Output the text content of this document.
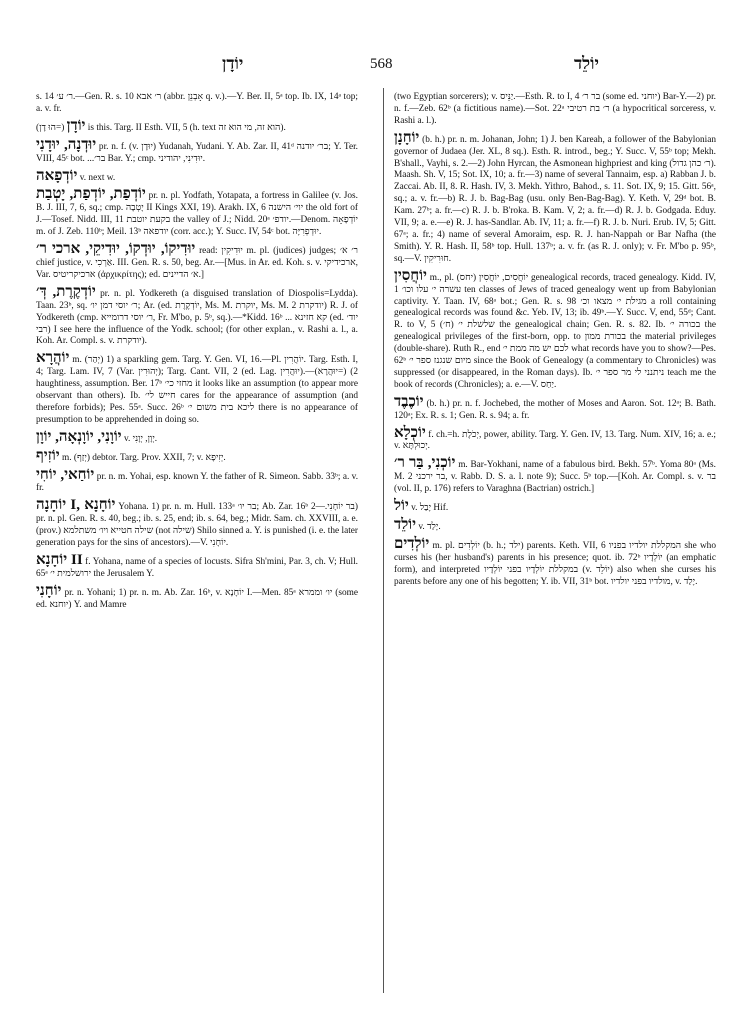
יוֹדָן	568	יוֹלֵד

s. 14 ר׳ ע׳.—Gen. R. s. 10 ר׳ אבא (abbr. אָבְנֵן q. v.).—Y. Ber. II, 5ᵃ top. Ib. IX, 14ᵃ top; a. v. fr.

יוֹדָן (=הוּ דָן) is this. Targ. II Esth. VII, 5 (h. text הוא זה, מי הוא זה).

יוּדְנָה, יוּדָנִי pr. n. f. (v. יוּדָן) Yudanah, Yudani. Y. Ab. Zar. II, 41ᵈ בר׳ יודנה; Y. Ter. VIII, 45ᶜ bot. ...בר׳ Bar. Y.; cmp. יוּדִינִי, יהודיני.

יוֹדְפָאה v. next w.

יוֹדְפַת, יוֹדְפַת, יָטְבַת pr. n. pl. Yodfath, Yotapata, a fortress in Galilee (v. Jos. B. J. III, 7, 6, sq.; cmp. יָטְבָה II Kings XXI, 19). Arakh. IX, 6 יוי׳ הישנה the old fort of J.—Tosef. Nidd. III, 11 בקעת יוטבת the valley of J.; Nidd. 20ᵃ יודפ׳.—Denom. יוֹדְפָאָה m. of J. Zeb. 110ᵇ; Meil. 13ᵇ יודפאה (corr. acc.); Y. Succ. IV, 54ᶜ bot. יוּדְפְרִיָּה.

יוּדִיקוֹ, יוּדְקוֹ, יוּדִיקֵי, ארכי ר׳ read: יוּדִיקִין m. pl. (judices) judges; ר׳ א׳ chief justice, v. אַרְכִי. III. Gen. R. s. 50, beg. Ar.—[Mus. in Ar. ed. Koh. s. v. ארכידיקי, Var. ארכיקריטיס (ἀρχικρίτης); ed. א׳ הדיינים.]

יוֹדְקֶרֶת, דְּ׳ pr. n. pl. Yodkereth (a disguised translation of Diospolis=Lydda). Taan. 23ᵇ, sq. ר׳ יוסי דמן יו׳; Ar. (ed. יוֹדְקֶרֶת, Ms. M. יוקרת, Ms. M. 2 יודקרת) R. J. of Yodkereth (cmp. ר׳ יוסי דרומייא, Fr. M'bo, p. 5ᵇ, sq.).—*Kidd. 16ᵇ ... קא חזינא (ed. יוד׳ רבי) I see here the influence of the Yodk. school; (for other explan., v. Rashi a. l., a. Koh. Ar. Compl. s. v. יודקרת).

יוֹהֲרָא m. (יְהַר) 1) a sparkling gem. Targ. Y. Gen. VI, 16.—Pl. יוֹהֲרִין. Targ. Esth. I, 4; Targ. Lam. IV, 7 (Var. יְהוּרִין); Targ. Cant. VII, 2 (ed. Lag. יוּהֲרִין).—2) (=יוּהֲרָא) haughtiness, assumption. Ber. 17ᵇ מחזי כי׳ it looks like an assumption (to appear more observant than others). Ib. חייש לי׳ cares for the appearance of assumption (and therefore forbids); Pes. 55ᵃ. Succ. 26ᵇ ליכא בית משום י׳ there is no appearance of presumption to be apprehended in doing so.

יוֹוָנִי, יוֹוָנְאָה, יוֹוָן v. יְוָן, יְוָנִי.

יוֹזִיף m. (יְזַף) debtor. Targ. Prov. XXII, 7; v. יְזִיפָא.

יוֹחַאי, יוֹחִי pr. n. m. Yohai, esp. known Y. the father of R. Simeon. Sabb. 33ᵇ; a. v. fr.

יוֹחָנָה I, יוֹחָנָא Yohana. 1) pr. n. m. Hull. 133ᵃ בר יו׳; Ab. Zar. 16ᵇ בר יוֹחָנִי.—2) pr. n. pl. Gen. R. s. 40, beg.; ib. s. 25, end; ib. s. 64, beg.; Midr. Sam. ch. XXVIII, a. e. (prov.) שילה חטייא ויו׳ משתלמא (not שילה) Shilo sinned a. Y. is punished (i. e. the later generation pays for the sins of ancestors).—V. יוֹחָנִי.

יוֹחָנָא II f. Yohana, name of a species of locusts. Sifra Sh'mini, Par. 3, ch. V; Hull. 65ᵃ ירושלמית י׳ the Jerusalem Y.

יוֹחָנִי pr. n. Yohani; 1) pr. n. m. Ab. Zar. 16ᵇ, v. יוֹחָנָא I.—Men. 85ᵃ יו׳ וממרא (some ed. יוחנא) Y. and Mamre

(two Egyptian sorcerers); v. יַנֵּיס.—Esth. R. to I, 4 בר ר׳ (some ed. יוחני) Bar-Y.—2) pr. n. f.—Zeb. 62ᵇ (a fictitious name).—Sot. 22ᵃ ר׳ בת רטיבי (a hypocritical sorceress, v. Rashi a. l.).

יוֹחָנָן (b. h.) pr. n. m. Johanan, John; 1) J. ben Kareah, a follower of the Babylonian governor of Judaea (Jer. XL, 8 sq.). Esth. R. introd., beg.; Y. Succ. V, 55ᵇ top; Mekh. B'shall., Vayhi, s. 2.—2) John Hyrcan, the Asmonean highpriest and king (ר׳ כהן גדול). Maash. Sh. V, 15; Sot. IX, 10; a. fr.—3) name of several Tannaim, esp. a) Rabban J. b. Zaccai. Ab. II, 8. R. Hash. IV, 3. Mekh. Yithro, Bahod., s. 11. Sot. IX, 9; 15. Gitt. 56ᵃ, sq.; a. v. fr.—b) R. J. b. Bag-Bag (usu. only Ben-Bag-Bag). Y. Keth. V, 29ᵈ bot. B. Kam. 27ᵇ; a. fr.—c) R. J. b. B'roka. B. Kam. V, 2; a. fr.—d) R. J. b. Godgada. Eduy. VII, 9; a. e.—e) R. J. has-Sandlar. Ab. IV, 11; a. fr.—f) R. J. b. Nuri. Erub. IV, 5; Gitt. 67ᵃ; a. fr.; 4) name of several Amoraim, esp. R. J. han-Nappah or Bar Nafha (the Smith). Y. R. Hash. II, 58ᵇ top. Hull. 137ᵇ; a. v. fr. (as R. J. only); v. Fr. M'bo p. 95ᵇ, sq.—V. חוּרִיקִין.

יוֹחֲסִין m., pl. יוֹחֲסִים, יוֹחֲסִין (יחס) genealogical records, traced genealogy. Kidd. IV, 1 עשרה י׳ עלו וכו׳ ten classes of Jews of traced genealogy went up from Babylonian captivity. Y. Taan. IV, 68ᵃ bot.; Gen. R. s. 98 מגילת י׳ מצאו וכ׳ a roll containing genealogical records was found &c. Yeb. IV, 13; ib. 49ᵇ.—Y. Succ. V, end, 55ᵈ; Cant. R. to V, 5 שלשלת י׳ (ח׳) the genealogical chain; Gen. R. s. 82. Ib. בכורה י׳ the genealogical privileges of the first-born, opp. to בכורת ממון the material privileges (double-share). Ruth R., end לכם יש מה ממת י׳ what records have you to show?—Pes. 62ᵇ מיום שנגנז ספר י׳ since the Book of Genealogy (a commentary to Chronicles) was suppressed (or disappeared, in the Roman days). Ib. ניתנני לי מר ספר י׳ teach me the book of records (Chronicles); a. e.—V. יַחַס.

יוֹכֶבֶד (b. h.) pr. n. f. Jochebed, the mother of Moses and Aaron. Sot. 12ᵃ; B. Bath. 120ᵃ; Ex. R. s. 1; Gen. R. s. 94; a. fr.

יוֹכְלָא f. ch.=h. יְכֹלֶת, power, ability. Targ. Y. Gen. IV, 13. Targ. Num. XIV, 16; a. e.; v. יְכוּלְתָּא.

יוֹכְנִי, בַּר ר׳ m. Bar-Yokhani, name of a fabulous bird. Bekh. 57ᵇ. Yoma 80ᵃ (Ms. M. 2 בר ירכני, v. Rabb. D. S. a. l. note 9); Succ. 5ᵇ top.—[Koh. Ar. Compl. s. v. בר (vol. II, p. 176) refers to Varaghna (Bactrian) ostrich.]

יוֹל v. יָבַל Hif.

יוֹלֵד v. יָלַד.

יוֹלְדִים m. pl. יוֹלְדִים (b. h.; ילד) parents. Keth. VII, 6 המקללת יולדיו בפניו she who curses his (her husband's) parents in his presence; quot. ib. 72ᵇ יוֹלְדָיו (an emphatic form), and interpreted במקללת יוֹלְדָיו בפני יוֹלְדָיו (v. יוֹלֵד) also when she curses his parents before any one of his begotten; Y. ib. VII, 31ᵇ bot. מולדיו בפני יולדיו, v. יָלַד.
